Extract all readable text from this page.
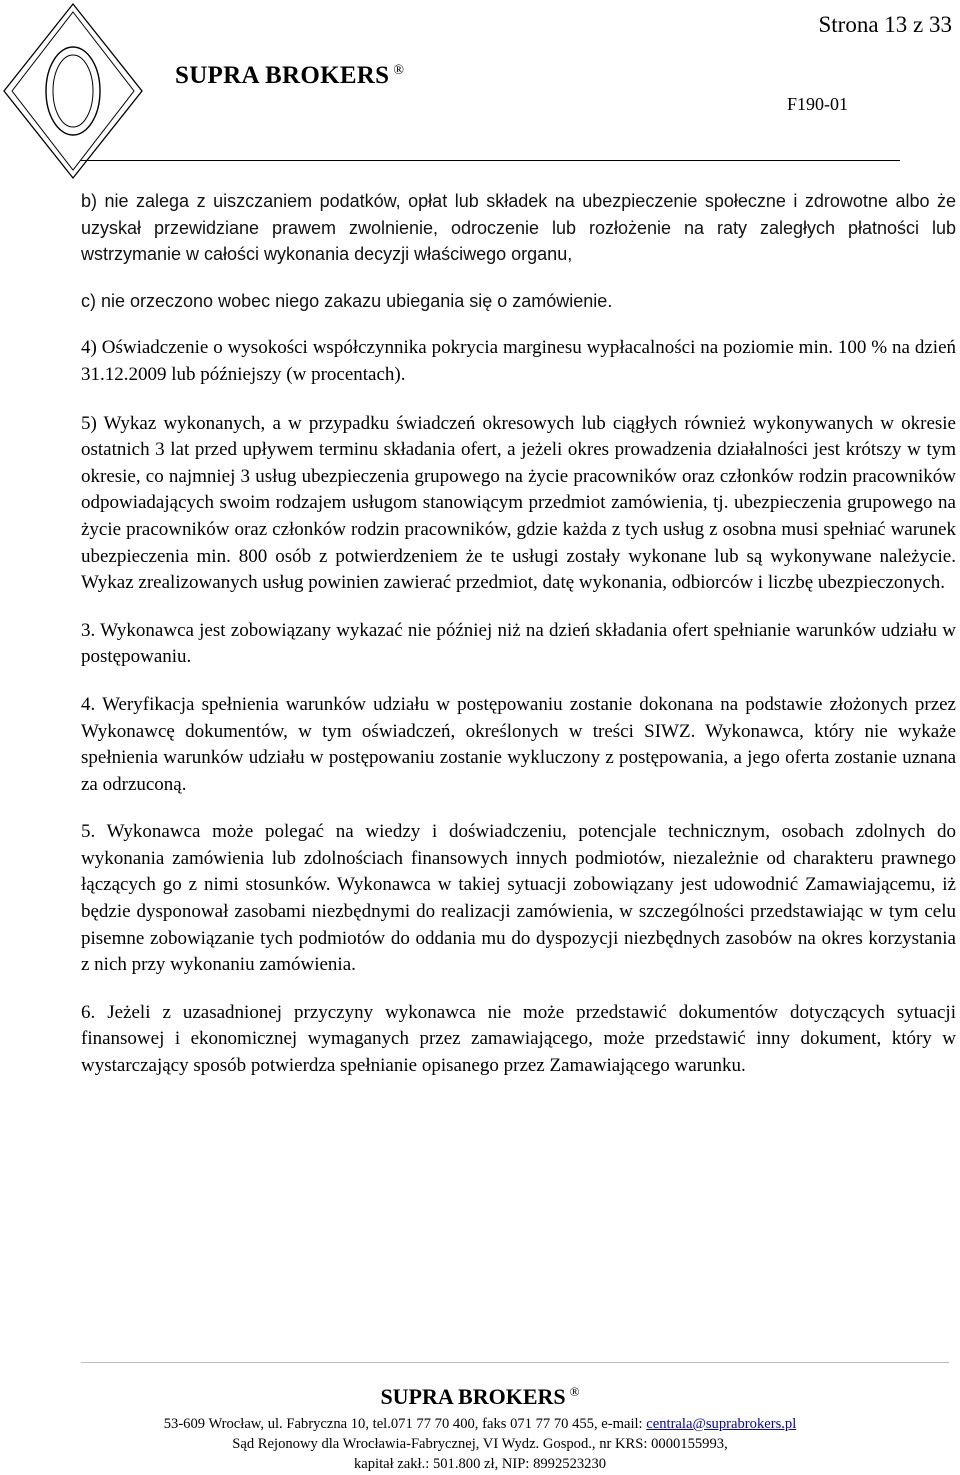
Strona 13 z 33
SUPRA BROKERS ®
F190-01

b) nie zalega z uiszczaniem podatków, opłat lub składek na ubezpieczenie społeczne i zdrowotne albo że uzyskał przewidziane prawem zwolnienie, odroczenie lub rozłożenie na raty zaległych płatności lub wstrzymanie w całości wykonania decyzji właściwego organu,

c) nie orzeczono wobec niego zakazu ubiegania się o zamówienie.

4) Oświadczenie o wysokości współczynnika pokrycia marginesu wypłacalności na poziomie min. 100 % na dzień 31.12.2009 lub późniejszy (w procentach).

5) Wykaz wykonanych, a w przypadku świadczeń okresowych lub ciągłych również wykonywanych w okresie ostatnich 3 lat przed upływem terminu składania ofert, a jeżeli okres prowadzenia działalności jest krótszy w tym okresie, co najmniej 3 usług ubezpieczenia grupowego na życie pracowników oraz członków rodzin pracowników odpowiadających swoim rodzajem usługom stanowiącym przedmiot zamówienia, tj. ubezpieczenia grupowego na życie pracowników oraz członków rodzin pracowników, gdzie każda z tych usług z osobna musi spełniać warunek ubezpieczenia min. 800 osób z potwierdzeniem że te usługi zostały wykonane lub są wykonywane należycie. Wykaz zrealizowanych usług powinien zawierać przedmiot, datę wykonania, odbiorców i liczbę ubezpieczonych.

3. Wykonawca jest zobowiązany wykazać nie później niż na dzień składania ofert spełnianie warunków udziału w postępowaniu.

4. Weryfikacja spełnienia warunków udziału w postępowaniu zostanie dokonana na podstawie złożonych przez Wykonawcę dokumentów, w tym oświadczeń, określonych w treści SIWZ. Wykonawca, który nie wykaże spełnienia warunków udziału w postępowaniu zostanie wykluczony z postępowania, a jego oferta zostanie uznana za odrzuconą.

5. Wykonawca może polegać na wiedzy i doświadczeniu, potencjale technicznym, osobach zdolnych do wykonania zamówienia lub zdolnościach finansowych innych podmiotów, niezależnie od charakteru prawnego łączących go z nimi stosunków. Wykonawca w takiej sytuacji zobowiązany jest udowodnić Zamawiającemu, iż będzie dysponował zasobami niezbędnymi do realizacji zamówienia, w szczególności przedstawiając w tym celu pisemne zobowiązanie tych podmiotów do oddania mu do dyspozycji niezbędnych zasobów na okres korzystania z nich przy wykonaniu zamówienia.

6. Jeżeli z uzasadnionej przyczyny wykonawca nie może przedstawić dokumentów dotyczących sytuacji finansowej i ekonomicznej wymaganych przez zamawiającego, może przedstawić inny dokument, który w wystarczający sposób potwierdza spełnianie opisanego przez Zamawiającego warunku.

SUPRA BROKERS ®
53-609 Wrocław, ul. Fabryczna 10, tel.071 77 70 400, faks 071 77 70 455, e-mail: centrala@suprabrokers.pl
Sąd Rejonowy dla Wrocławia-Fabrycznej, VI Wydz. Gospod., nr KRS: 0000155993,
kapitał zakł.: 501.800 zł, NIP: 8992523230
